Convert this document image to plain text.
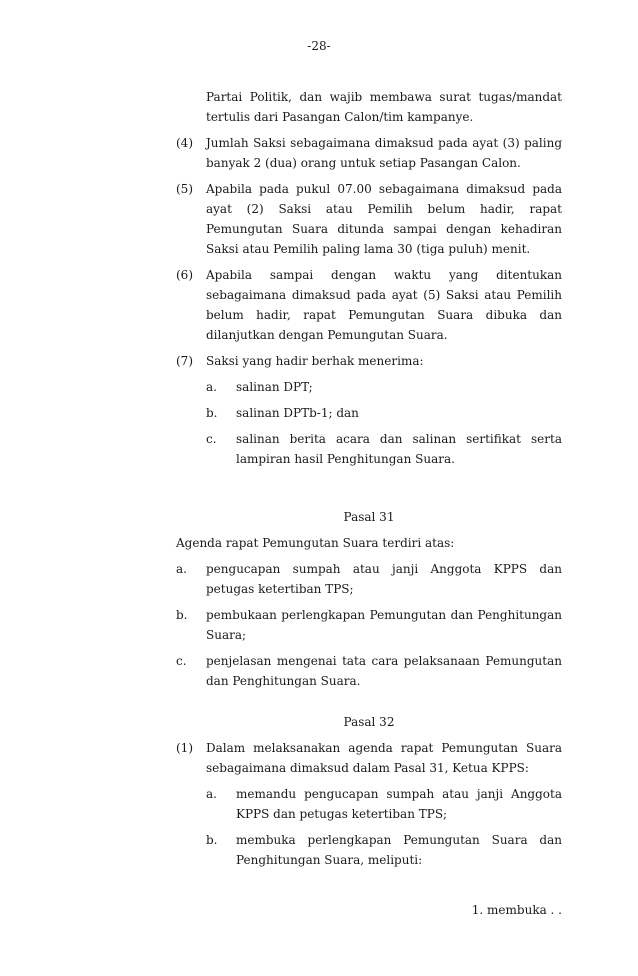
-28-
Partai Politik, dan wajib membawa surat tugas/mandat tertulis dari Pasangan Calon/tim kampanye.
(4)	Jumlah Saksi sebagaimana dimaksud pada ayat (3) paling banyak 2 (dua) orang untuk setiap Pasangan Calon.
(5)	Apabila pada pukul 07.00 sebagaimana dimaksud pada ayat (2) Saksi atau Pemilih belum hadir, rapat Pemungutan Suara ditunda sampai dengan kehadiran Saksi atau Pemilih paling lama 30 (tiga puluh) menit.
(6)	Apabila sampai dengan waktu yang ditentukan sebagaimana dimaksud pada ayat (5) Saksi atau Pemilih belum hadir, rapat Pemungutan Suara dibuka dan dilanjutkan dengan Pemungutan Suara.
(7)	Saksi yang hadir berhak menerima:
a.	salinan DPT;
b.	salinan DPTb-1; dan
c.	salinan berita acara dan salinan sertifikat serta lampiran hasil Penghitungan Suara.

Pasal 31

Agenda rapat Pemungutan Suara terdiri atas:

a.	pengucapan sumpah atau janji Anggota KPPS dan petugas ketertiban TPS;
b.	pembukaan perlengkapan Pemungutan dan Penghitungan Suara;
c.	penjelasan mengenai tata cara pelaksanaan Pemungutan dan Penghitungan Suara.

Pasal 32

(1)	Dalam melaksanakan agenda rapat Pemungutan Suara sebagaimana dimaksud dalam Pasal 31, Ketua KPPS:
a.	memandu pengucapan sumpah atau janji Anggota KPPS dan petugas ketertiban TPS;
b.	membuka perlengkapan Pemungutan Suara dan Penghitungan Suara, meliputi:
1. membuka . .
